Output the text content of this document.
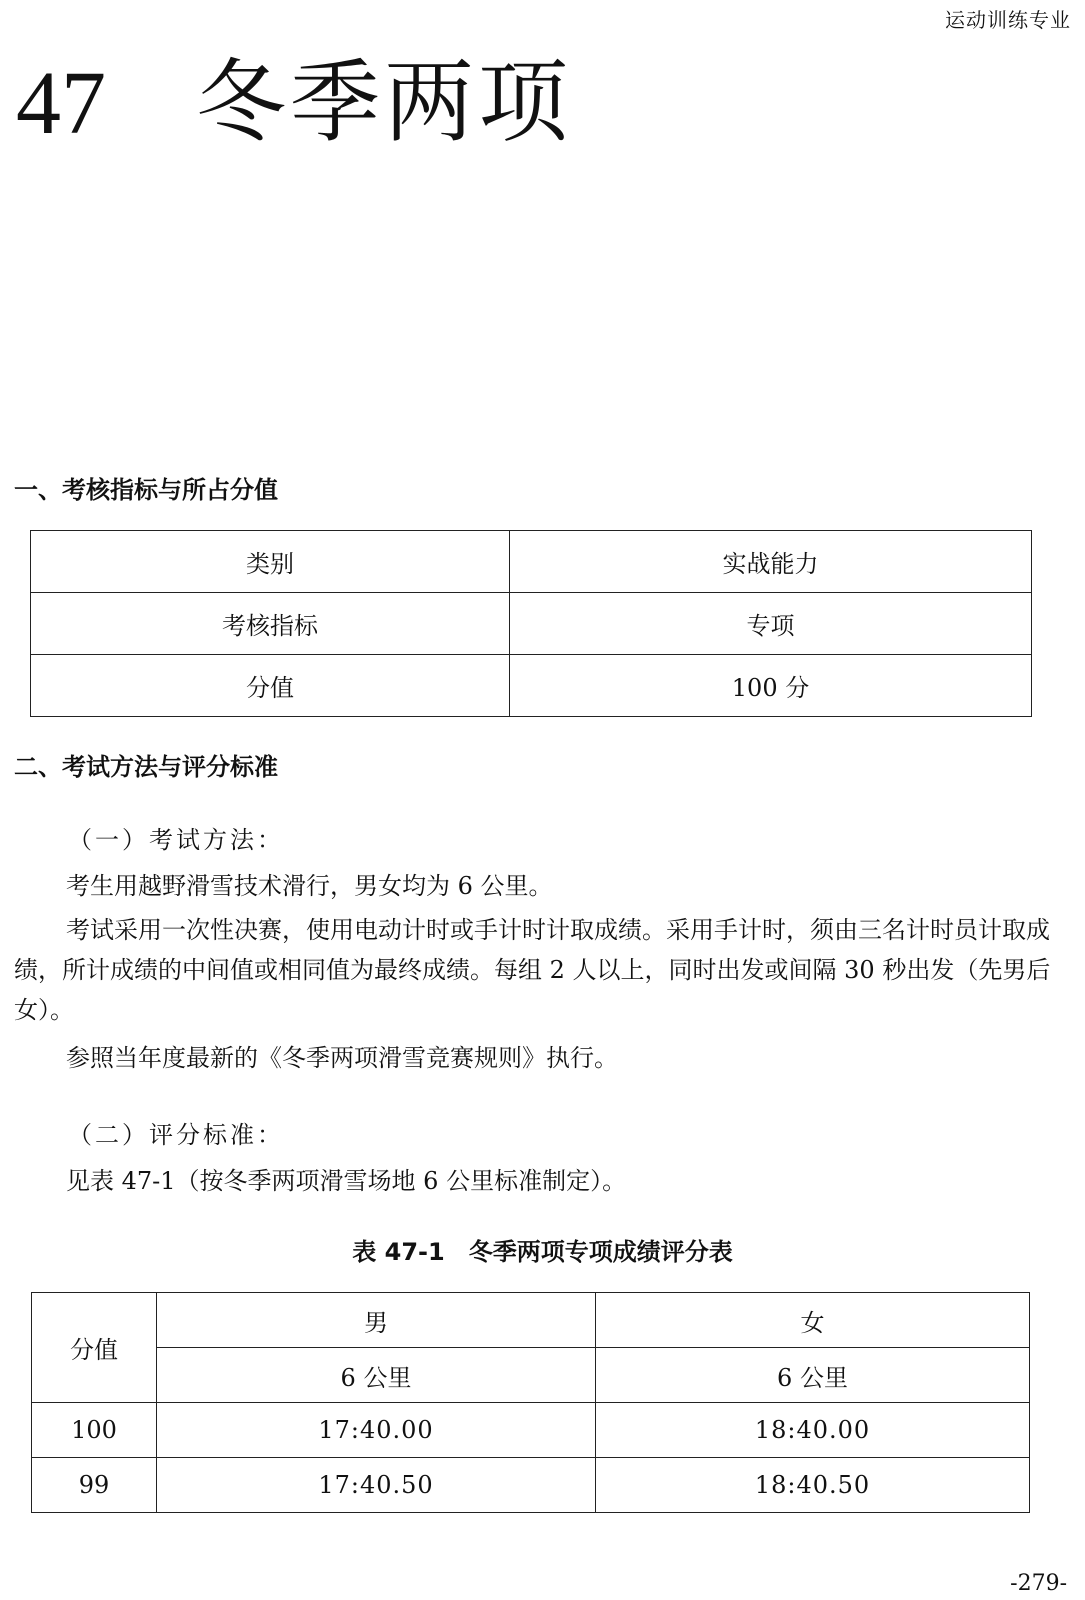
运动训练专业
47 冬季两项
一、考核指标与所占分值
类别	实战能力
考核指标	专项
分值	100 分
二、考试方法与评分标准
（一）考试方法：
考生用越野滑雪技术滑行，男女均为 6 公里。
考试采用一次性决赛，使用电动计时或手计时计取成绩。采用手计时，须由三名计时员计取成绩，所计成绩的中间值或相同值为最终成绩。每组 2 人以上，同时出发或间隔 30 秒出发（先男后女）。
参照当年度最新的《冬季两项滑雪竞赛规则》执行。
（二）评分标准：
见表 47-1（按冬季两项滑雪场地 6 公里标准制定）。
表 47-1　冬季两项专项成绩评分表
分值	男	女
	6 公里	6 公里
100	17:40.00	18:40.00
99	17:40.50	18:40.50
-279-
